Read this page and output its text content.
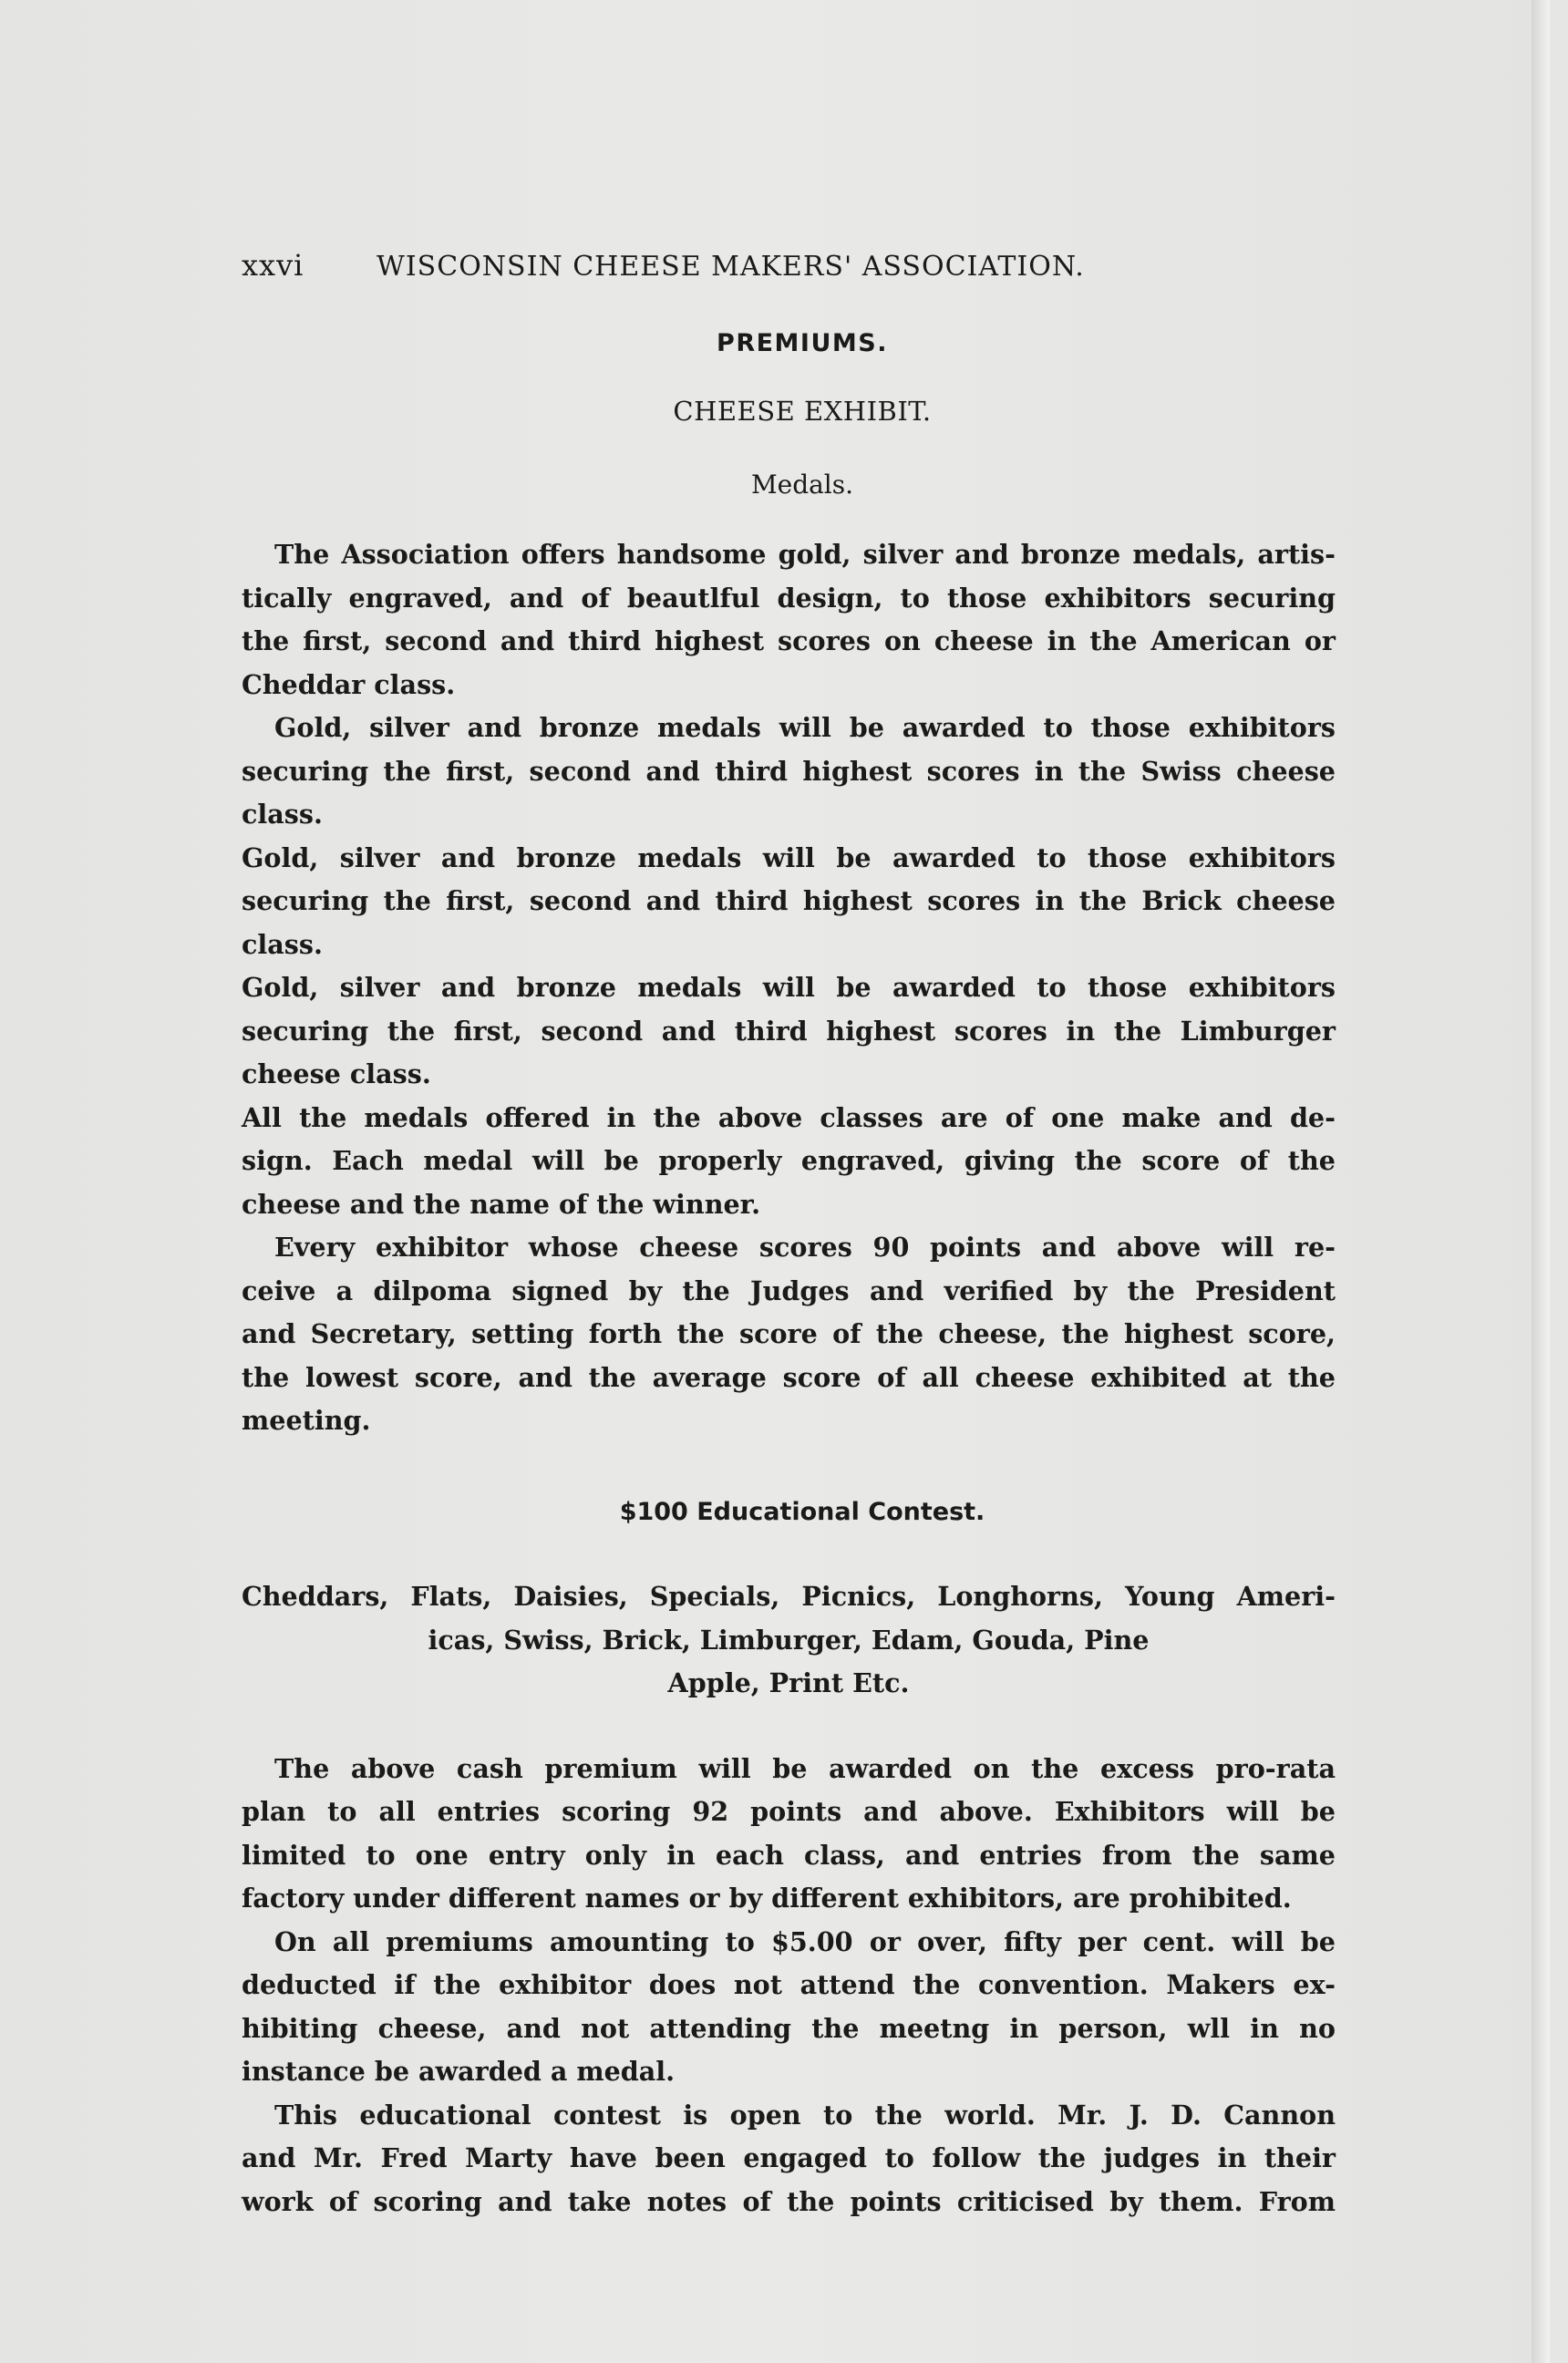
xxvi	WISCONSIN CHEESE MAKERS' ASSOCIATION.
PREMIUMS.
CHEESE EXHIBIT.
Medals.
The Association offers handsome gold, silver and bronze medals, artis-
tically engraved, and of beautlful design, to those exhibitors securing
the first, second and third highest scores on cheese in the American or
Cheddar class.
Gold, silver and bronze medals will be awarded to those exhibitors
securing the first, second and third highest scores in the Swiss cheese
class.
Gold, silver and bronze medals will be awarded to those exhibitors
securing the first, second and third highest scores in the Brick cheese
class.
Gold, silver and bronze medals will be awarded to those exhibitors
securing the first, second and third highest scores in the Limburger
cheese class.
All the medals offered in the above classes are of one make and de-
sign. Each medal will be properly engraved, giving the score of the
cheese and the name of the winner.
Every exhibitor whose cheese scores 90 points and above will re-
ceive a dilpoma signed by the Judges and verified by the President
and Secretary, setting forth the score of the cheese, the highest score,
the lowest score, and the average score of all cheese exhibited at the
meeting.
$100 Educational Contest.
Cheddars, Flats, Daisies, Specials, Picnics, Longhorns, Young Ameri-
icas, Swiss, Brick, Limburger, Edam, Gouda, Pine
Apple, Print Etc.
The above cash premium will be awarded on the excess pro-rata
plan to all entries scoring 92 points and above. Exhibitors will be
limited to one entry only in each class, and entries from the same
factory under different names or by different exhibitors, are prohibited.
On all premiums amounting to $5.00 or over, fifty per cent. will be
deducted if the exhibitor does not attend the convention. Makers ex-
hibiting cheese, and not attending the meetng in person, wll in no
instance be awarded a medal.
This educational contest is open to the world. Mr. J. D. Cannon
and Mr. Fred Marty have been engaged to follow the judges in their
work of scoring and take notes of the points criticised by them. From
